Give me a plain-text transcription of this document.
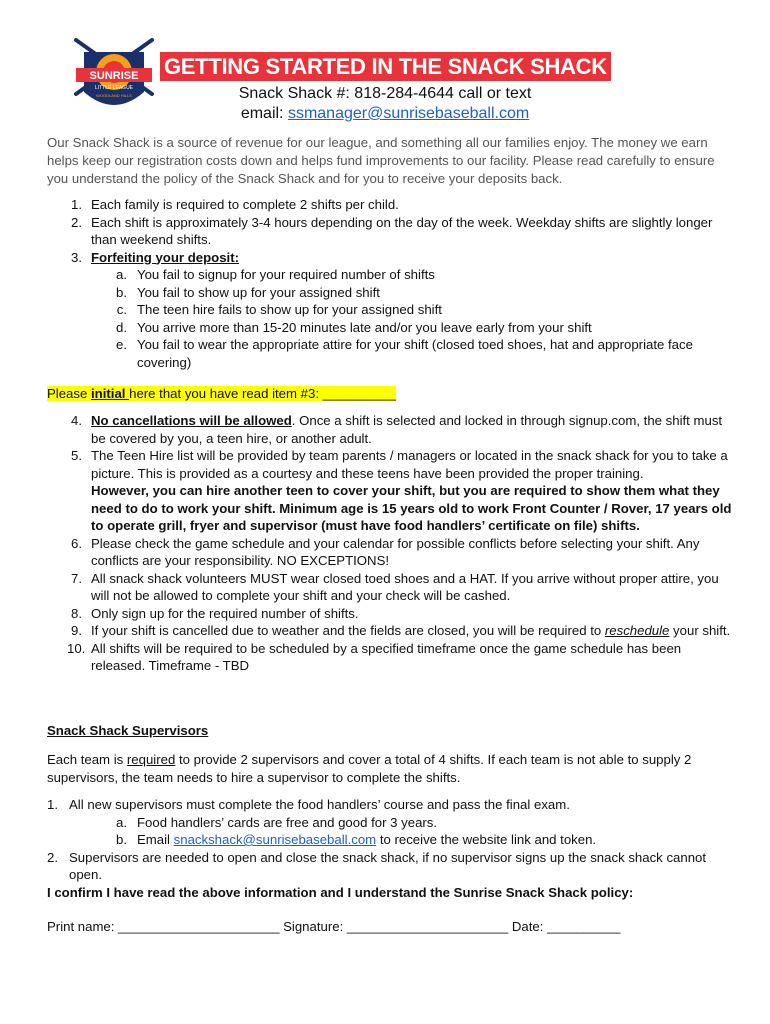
SUNRISE
LITTLE LEAGUE
WOODLAND HILLS
GETTING STARTED IN THE SNACK SHACK
Snack Shack #: 818-284-4644 call or text
email: ssmanager@sunrisebaseball.com
Our Snack Shack is a source of revenue for our league, and something all our families enjoy. The money we earn helps keep our registration costs down and helps fund improvements to our facility. Please read carefully to ensure you understand the policy of the Snack Shack and for you to receive your deposits back.
1. Each family is required to complete 2 shifts per child.
2. Each shift is approximately 3-4 hours depending on the day of the week. Weekday shifts are slightly longer than weekend shifts.
3. Forfeiting your deposit:
a. You fail to signup for your required number of shifts
b. You fail to show up for your assigned shift
c. The teen hire fails to show up for your assigned shift
d. You arrive more than 15-20 minutes late and/or you leave early from your shift
e. You fail to wear the appropriate attire for your shift (closed toed shoes, hat and appropriate face covering)
Please initial here that you have read item #3: __________
4. No cancellations will be allowed. Once a shift is selected and locked in through signup.com, the shift must be covered by you, a teen hire, or another adult.
5. The Teen Hire list will be provided by team parents / managers or located in the snack shack for you to take a picture. This is provided as a courtesy and these teens have been provided the proper training.
However, you can hire another teen to cover your shift, but you are required to show them what they need to do to work your shift. Minimum age is 15 years old to work Front Counter / Rover, 17 years old to operate grill, fryer and supervisor (must have food handlers’ certificate on file) shifts.
6. Please check the game schedule and your calendar for possible conflicts before selecting your shift. Any conflicts are your responsibility. NO EXCEPTIONS!
7. All snack shack volunteers MUST wear closed toed shoes and a HAT. If you arrive without proper attire, you will not be allowed to complete your shift and your check will be cashed.
8. Only sign up for the required number of shifts.
9. If your shift is cancelled due to weather and the fields are closed, you will be required to reschedule your shift.
10. All shifts will be required to be scheduled by a specified timeframe once the game schedule has been released. Timeframe - TBD
Snack Shack Supervisors
Each team is required to provide 2 supervisors and cover a total of 4 shifts. If each team is not able to supply 2 supervisors, the team needs to hire a supervisor to complete the shifts.
1. All new supervisors must complete the food handlers’ course and pass the final exam.
a. Food handlers’ cards are free and good for 3 years.
b. Email snackshack@sunrisebaseball.com to receive the website link and token.
2. Supervisors are needed to open and close the snack shack, if no supervisor signs up the snack shack cannot open.
I confirm I have read the above information and I understand the Sunrise Snack Shack policy:
Print name: ______________________ Signature: ______________________ Date: __________
